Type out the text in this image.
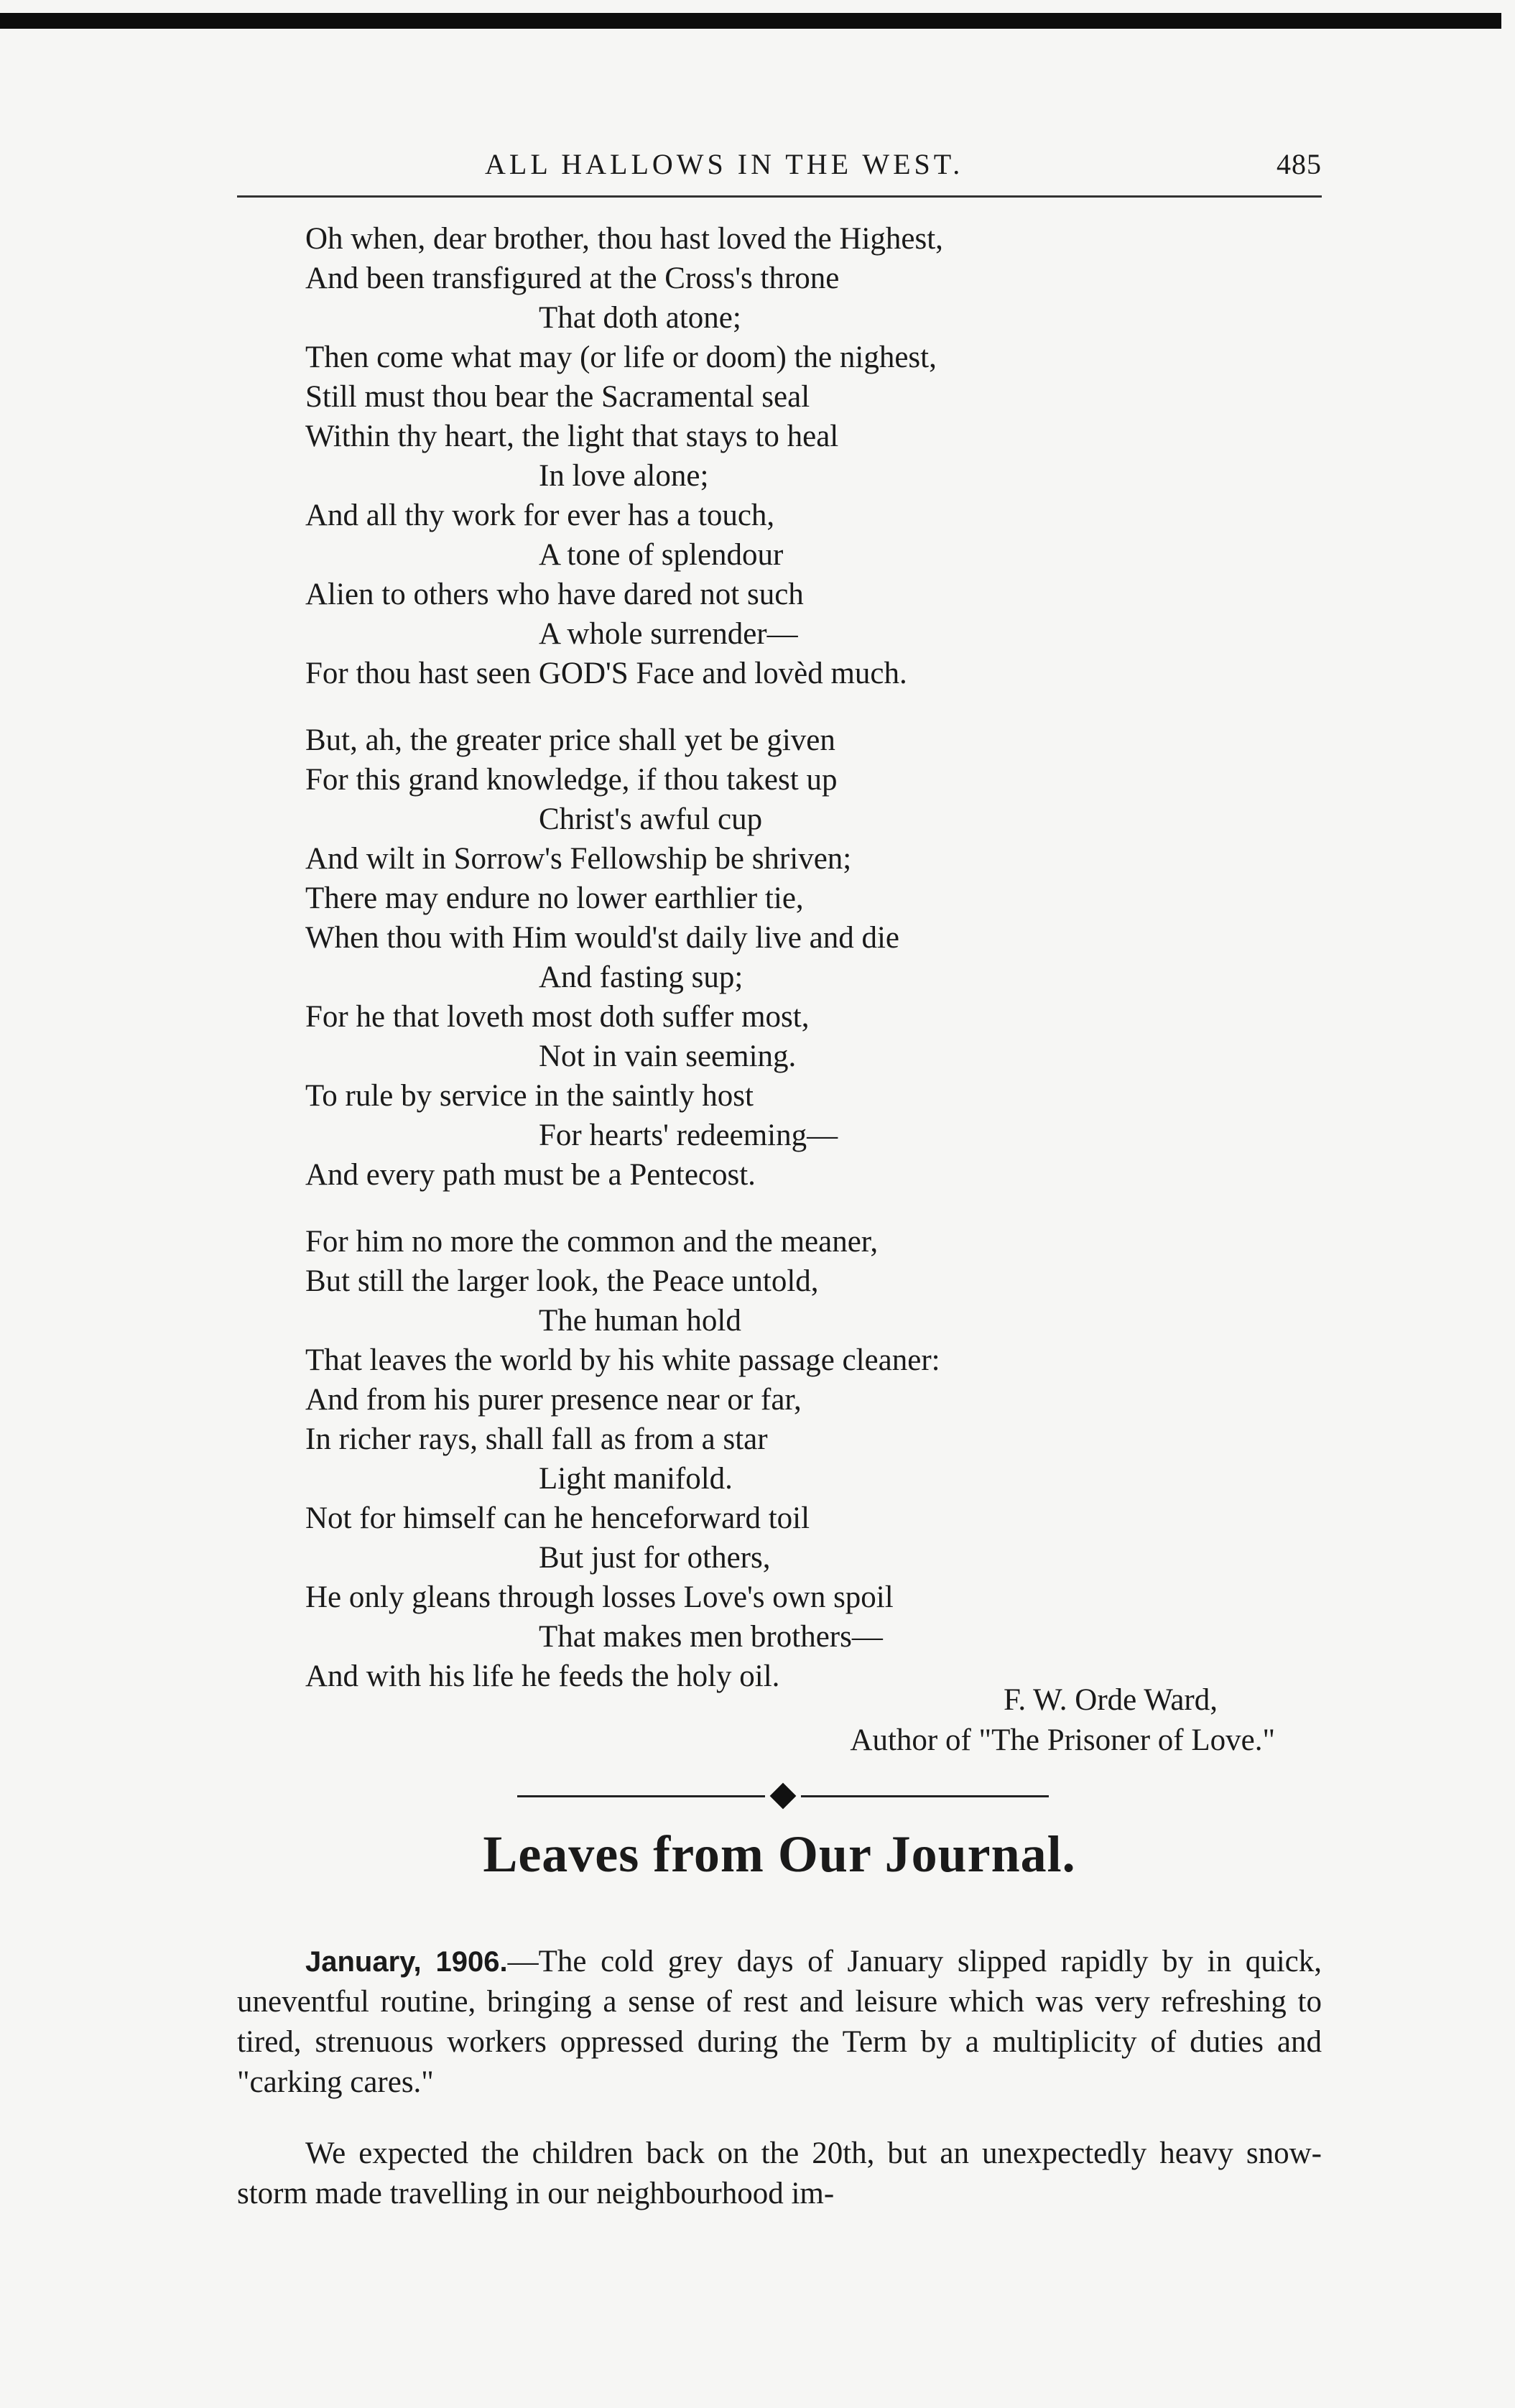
ALL HALLOWS IN THE WEST.	485
Oh when, dear brother, thou hast loved the Highest,
And been transfigured at the Cross's throne
That doth atone;
Then come what may (or life or doom) the nighest,
Still must thou bear the Sacramental seal
Within thy heart, the light that stays to heal
In love alone;
And all thy work for ever has a touch,
A tone of splendour
Alien to others who have dared not such
A whole surrender—
For thou hast seen GOD'S Face and lovèd much.
But, ah, the greater price shall yet be given
For this grand knowledge, if thou takest up
Christ's awful cup
And wilt in Sorrow's Fellowship be shriven;
There may endure no lower earthlier tie,
When thou with Him would'st daily live and die
And fasting sup;
For he that loveth most doth suffer most,
Not in vain seeming.
To rule by service in the saintly host
For hearts' redeeming—
And every path must be a Pentecost.
For him no more the common and the meaner,
But still the larger look, the Peace untold,
The human hold
That leaves the world by his white passage cleaner:
And from his purer presence near or far,
In richer rays, shall fall as from a star
Light manifold.
Not for himself can he henceforward toil
But just for others,
He only gleans through losses Love's own spoil
That makes men brothers—
And with his life he feeds the holy oil.
F. W. Orde Ward,
Author of "The Prisoner of Love."
Leaves from Our Journal.

January, 1906.—The cold grey days of January slipped rapidly by in quick, uneventful routine, bringing a sense of rest and leisure which was very refreshing to tired, strenuous workers oppressed during the Term by a multiplicity of duties and "carking cares."

We expected the children back on the 20th, but an unexpectedly heavy snow-storm made travelling in our neighbourhood im-
